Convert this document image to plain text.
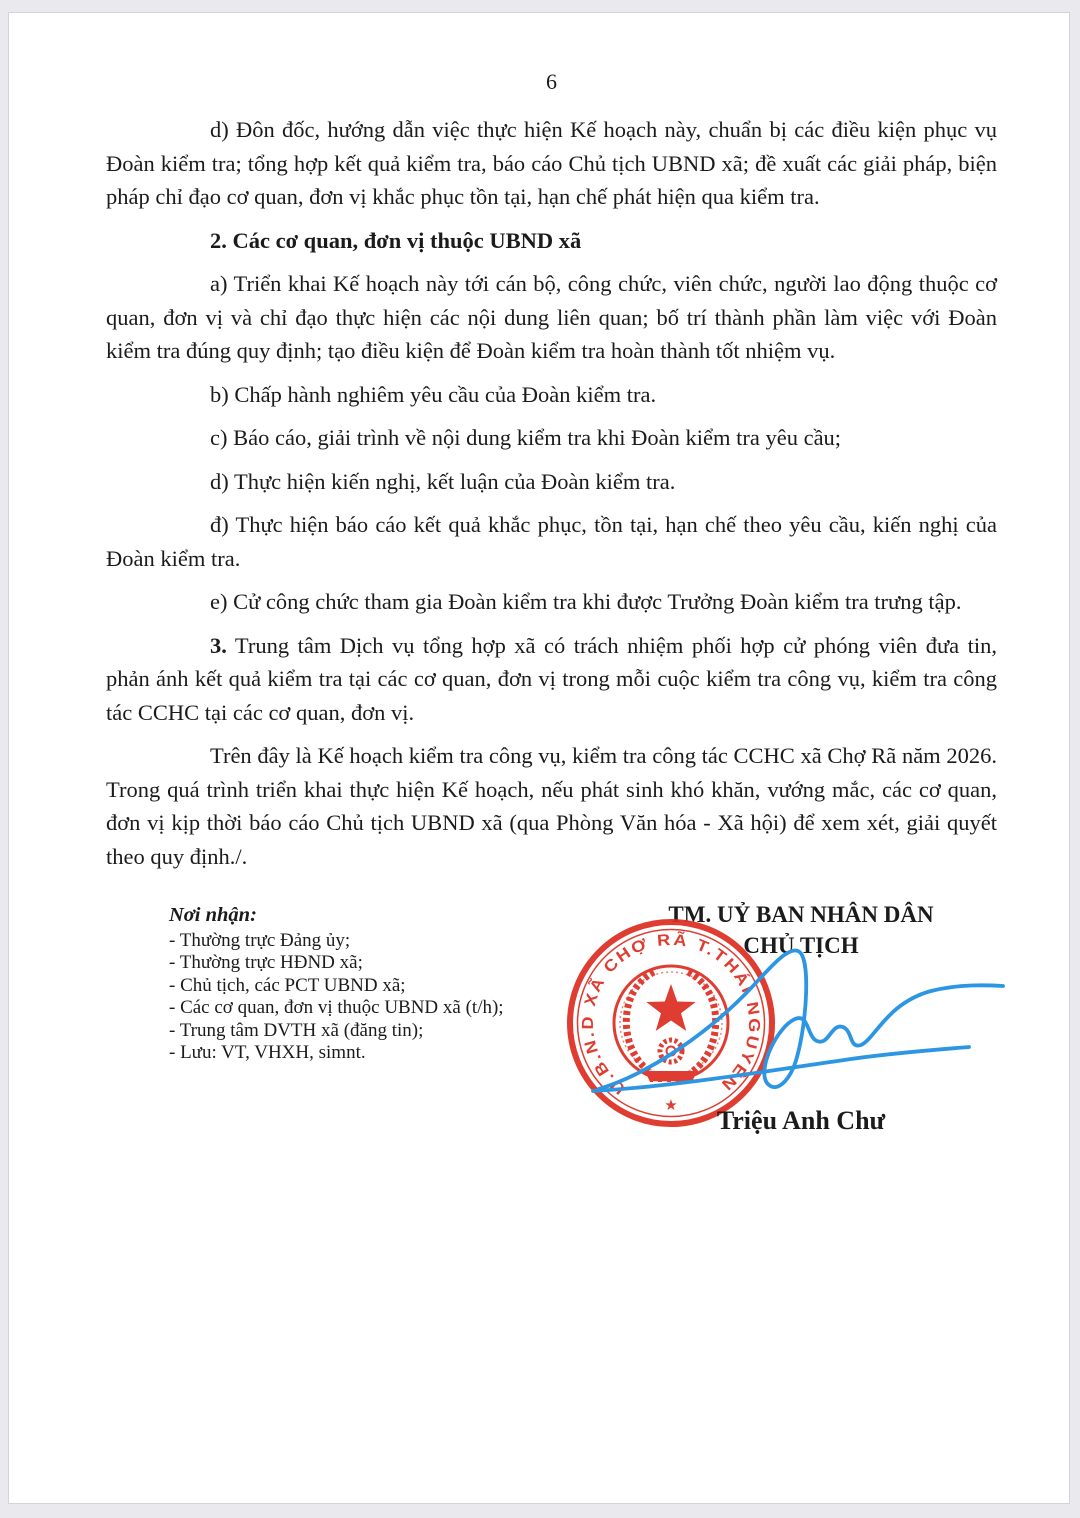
6

d) Đôn đốc, hướng dẫn việc thực hiện Kế hoạch này, chuẩn bị các điều kiện phục vụ Đoàn kiểm tra; tổng hợp kết quả kiểm tra, báo cáo Chủ tịch UBND xã; đề xuất các giải pháp, biện pháp chỉ đạo cơ quan, đơn vị khắc phục tồn tại, hạn chế phát hiện qua kiểm tra.

2. Các cơ quan, đơn vị thuộc UBND xã

a) Triển khai Kế hoạch này tới cán bộ, công chức, viên chức, người lao động thuộc cơ quan, đơn vị và chỉ đạo thực hiện các nội dung liên quan; bố trí thành phần làm việc với Đoàn kiểm tra đúng quy định; tạo điều kiện để Đoàn kiểm tra hoàn thành tốt nhiệm vụ.

b) Chấp hành nghiêm yêu cầu của Đoàn kiểm tra.

c) Báo cáo, giải trình về nội dung kiểm tra khi Đoàn kiểm tra yêu cầu;

d) Thực hiện kiến nghị, kết luận của Đoàn kiểm tra.

đ) Thực hiện báo cáo kết quả khắc phục, tồn tại, hạn chế theo yêu cầu, kiến nghị của Đoàn kiểm tra.

e) Cử công chức tham gia Đoàn kiểm tra khi được Trưởng Đoàn kiểm tra trưng tập.

3. Trung tâm Dịch vụ tổng hợp xã có trách nhiệm phối hợp cử phóng viên đưa tin, phản ánh kết quả kiểm tra tại các cơ quan, đơn vị trong mỗi cuộc kiểm tra công vụ, kiểm tra công tác CCHC tại các cơ quan, đơn vị.

Trên đây là Kế hoạch kiểm tra công vụ, kiểm tra công tác CCHC xã Chợ Rã năm 2026. Trong quá trình triển khai thực hiện Kế hoạch, nếu phát sinh khó khăn, vướng mắc, các cơ quan, đơn vị kịp thời báo cáo Chủ tịch UBND xã (qua Phòng Văn hóa - Xã hội) để xem xét, giải quyết theo quy định./.

Nơi nhận:
- Thường trực Đảng ủy;
- Thường trực HĐND xã;
- Chủ tịch, các PCT UBND xã;
- Các cơ quan, đơn vị thuộc UBND xã (t/h);
- Trung tâm DVTH xã (đăng tin);
- Lưu: VT, VHXH, simnt.
TM. UỶ BAN NHÂN DÂN
CHỦ TỊCH
U.B.N.D XÃ CHỢ RÃ T.THÁI NGUYÊN
★	Triệu Anh Chư
